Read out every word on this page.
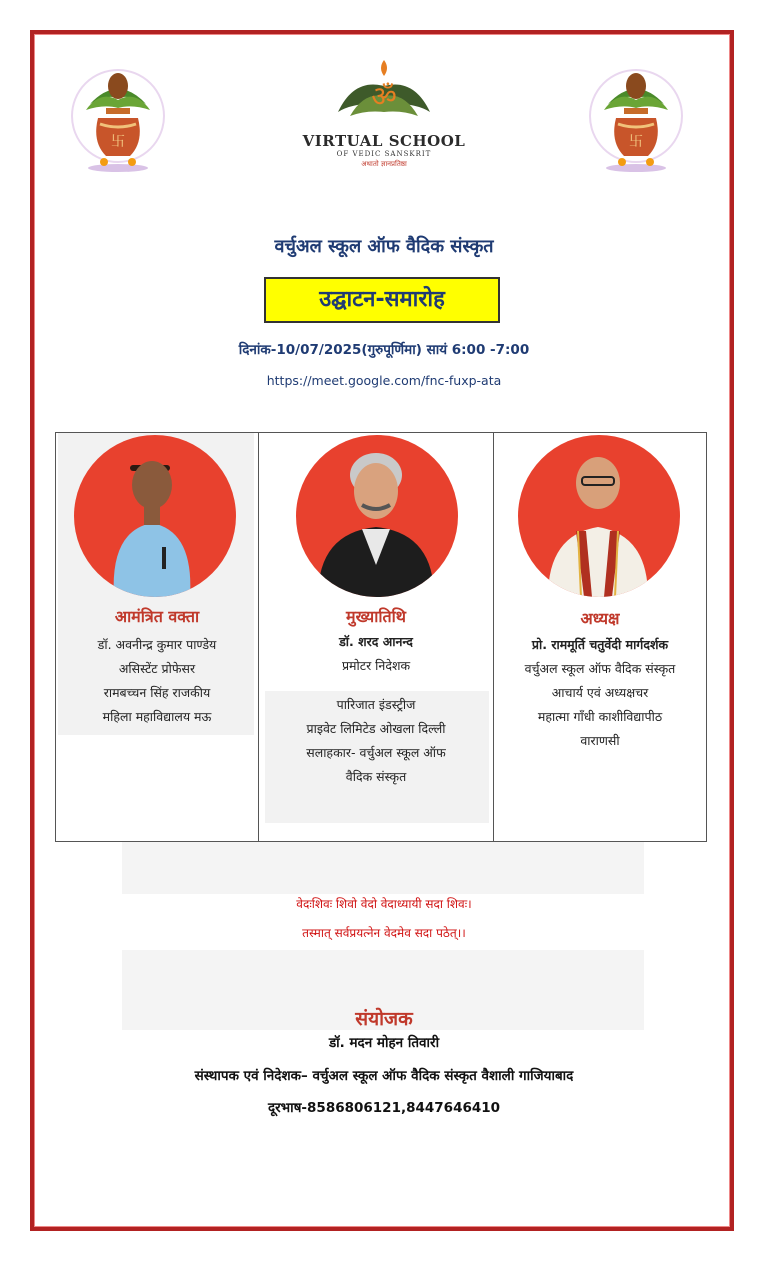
卐	卐
ॐ
VIRTUAL SCHOOL
OF VEDIC SANSKRIT
अथातो ज्ञानप्रतिष्ठा
वर्चुअल स्कूल ऑफ वैदिक संस्कृत
उद्घाटन-समारोह
दिनांक-10/07/2025(गुरुपूर्णिमा) सायं 6:00 -7:00
https://meet.google.com/fnc-fuxp-ata
आमंत्रित वक्ता
डॉ. अवनीन्द्र कुमार पाण्डेय
असिस्टेंट प्रोफेसर
रामबच्चन सिंह राजकीय
महिला महाविद्यालय मऊ
मुख्यातिथि
डॉ. शरद आनन्द
प्रमोटर निदेशक
पारिजात इंडस्ट्रीज
प्राइवेट लिमिटेड ओखला दिल्ली
सलाहकार- वर्चुअल स्कूल ऑफ
वैदिक संस्कृत
अध्यक्ष
प्रो. राममूर्ति चतुर्वेदी मार्गदर्शक
वर्चुअल स्कूल ऑफ वैदिक संस्कृत
आचार्य एवं अध्यक्षचर
महात्मा गाँधी काशीविद्यापीठ
वाराणसी
वेदःशिवः शिवो वेदो वेदाध्यायी सदा शिवः।
तस्मात् सर्वप्रयत्नेन वेदमेव सदा पठेत्।।
संयोजक
डॉ. मदन मोहन तिवारी
संस्थापक एवं निदेशक– वर्चुअल स्कूल ऑफ वैदिक संस्कृत वैशाली गाजियाबाद
दूरभाष-8586806121,8447646410
